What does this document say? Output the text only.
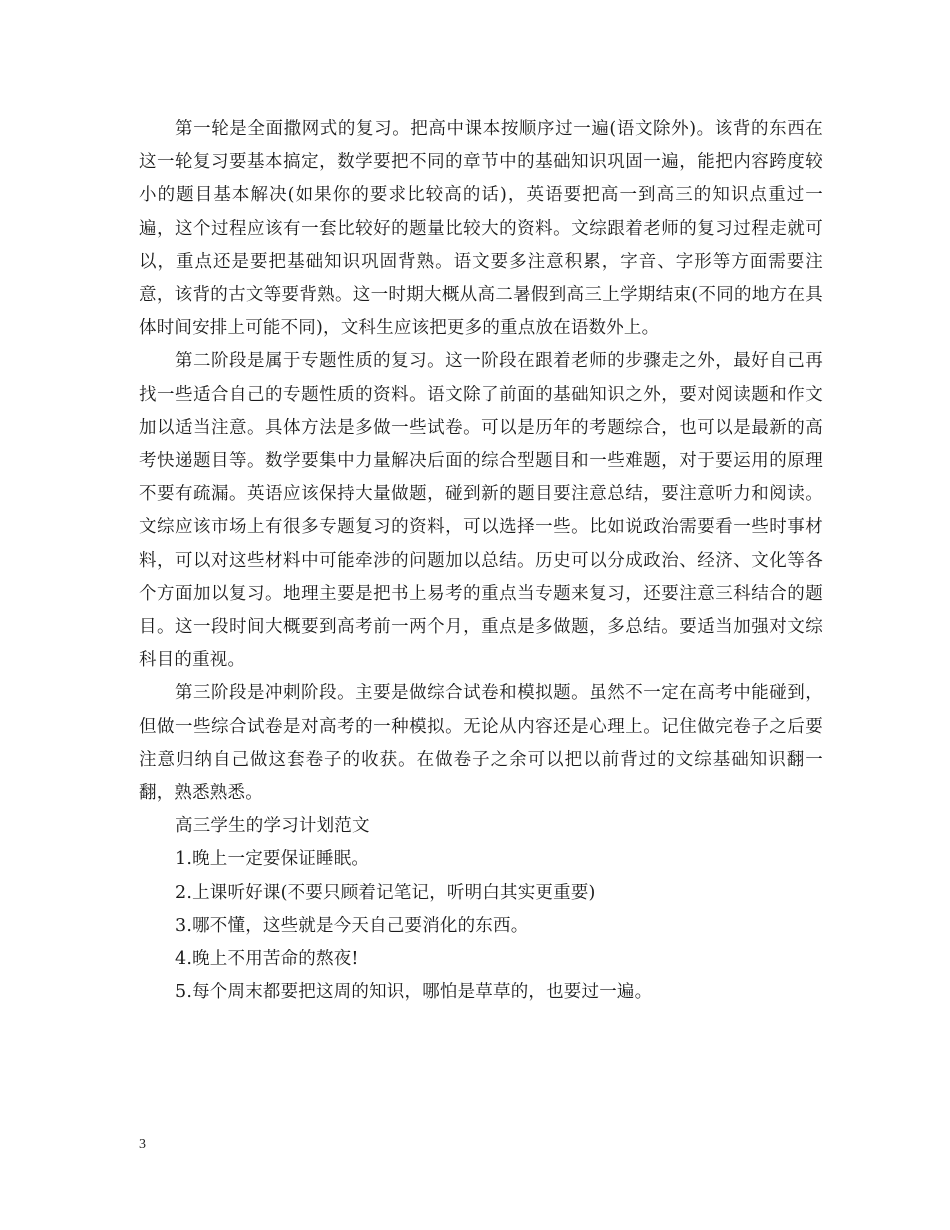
第一轮是全面撒网式的复习。把高中课本按顺序过一遍(语文除外)。该背的东西在这一轮复习要基本搞定，数学要把不同的章节中的基础知识巩固一遍，能把内容跨度较小的题目基本解决(如果你的要求比较高的话)，英语要把高一到高三的知识点重过一遍，这个过程应该有一套比较好的题量比较大的资料。文综跟着老师的复习过程走就可以，重点还是要把基础知识巩固背熟。语文要多注意积累，字音、字形等方面需要注意，该背的古文等要背熟。这一时期大概从高二暑假到高三上学期结束(不同的地方在具体时间安排上可能不同)，文科生应该把更多的重点放在语数外上。

第二阶段是属于专题性质的复习。这一阶段在跟着老师的步骤走之外，最好自己再找一些适合自己的专题性质的资料。语文除了前面的基础知识之外，要对阅读题和作文加以适当注意。具体方法是多做一些试卷。可以是历年的考题综合，也可以是最新的高考快递题目等。数学要集中力量解决后面的综合型题目和一些难题，对于要运用的原理不要有疏漏。英语应该保持大量做题，碰到新的题目要注意总结，要注意听力和阅读。文综应该市场上有很多专题复习的资料，可以选择一些。比如说政治需要看一些时事材料，可以对这些材料中可能牵涉的问题加以总结。历史可以分成政治、经济、文化等各个方面加以复习。地理主要是把书上易考的重点当专题来复习，还要注意三科结合的题目。这一段时间大概要到高考前一两个月，重点是多做题，多总结。要适当加强对文综科目的重视。

第三阶段是冲刺阶段。主要是做综合试卷和模拟题。虽然不一定在高考中能碰到，但做一些综合试卷是对高考的一种模拟。无论从内容还是心理上。记住做完卷子之后要注意归纳自己做这套卷子的收获。在做卷子之余可以把以前背过的文综基础知识翻一翻，熟悉熟悉。

高三学生的学习计划范文

1.晚上一定要保证睡眠。

2.上课听好课(不要只顾着记笔记，听明白其实更重要)

3.哪不懂，这些就是今天自己要消化的东西。

4.晚上不用苦命的熬夜!

5.每个周末都要把这周的知识，哪怕是草草的，也要过一遍。

3
